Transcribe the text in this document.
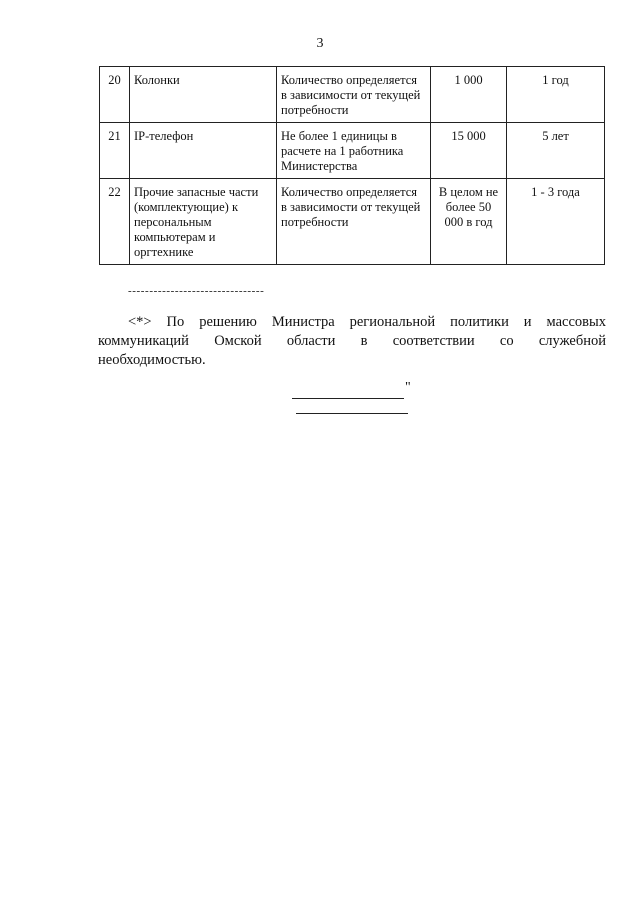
3
20	Колонки	Количество определяется в зависимости от текущей потребности	1 000	1 год
21	IP-телефон	Не более 1 единицы в расчете на 1 работника Министерства	15 000	5 лет
22	Прочие запасные части (комплектующие) к персональным компьютерам и оргтехнике	Количество определяется в зависимости от текущей потребности	В целом не более 50 000 в год	1 - 3 года
--------------------------------
<*> По решению Министра региональной политики и массовых
коммуникаций Омской области в соответствии со служебной
необходимостью.
"
